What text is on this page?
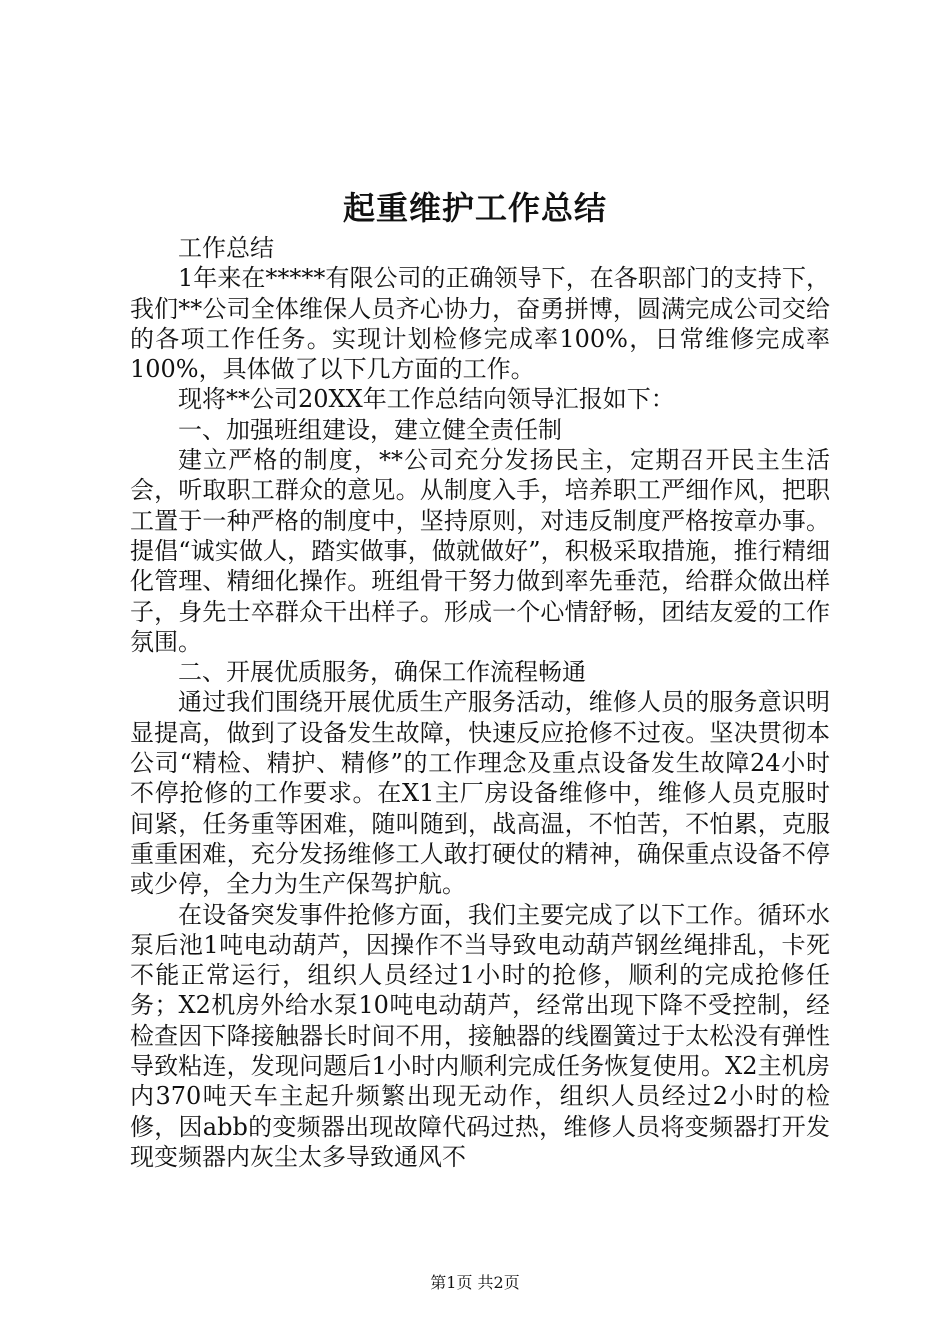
起重维护工作总结

工作总结

1年来在*****有限公司的正确领导下，在各职部门的支持下，我们**公司全体维保人员齐心协力，奋勇拼博，圆满完成公司交给的各项工作任务。实现计划检修完成率100%，日常维修完成率100%，具体做了以下几方面的工作。

现将**公司20XX年工作总结向领导汇报如下：

一、加强班组建设，建立健全责任制

建立严格的制度，**公司充分发扬民主，定期召开民主生活会，听取职工群众的意见。从制度入手，培养职工严细作风，把职工置于一种严格的制度中，坚持原则，对违反制度严格按章办事。提倡“诚实做人，踏实做事，做就做好”，积极采取措施，推行精细化管理、精细化操作。班组骨干努力做到率先垂范，给群众做出样子，身先士卒群众干出样子。形成一个心情舒畅，团结友爱的工作氛围。

二、开展优质服务，确保工作流程畅通

通过我们围绕开展优质生产服务活动，维修人员的服务意识明显提高，做到了设备发生故障，快速反应抢修不过夜。坚决贯彻本公司“精检、精护、精修”的工作理念及重点设备发生故障24小时不停抢修的工作要求。在X1主厂房设备维修中，维修人员克服时间紧，任务重等困难，随叫随到，战高温，不怕苦，不怕累，克服重重困难，充分发扬维修工人敢打硬仗的精神，确保重点设备不停或少停，全力为生产保驾护航。

在设备突发事件抢修方面，我们主要完成了以下工作。循环水泵后池1吨电动葫芦，因操作不当导致电动葫芦钢丝绳排乱，卡死不能正常运行，组织人员经过1小时的抢修，顺利的完成抢修任务；X2机房外给水泵10吨电动葫芦，经常出现下降不受控制，经检查因下降接触器长时间不用，接触器的线圈簧过于太松没有弹性导致粘连，发现问题后1小时内顺利完成任务恢复使用。X2主机房内370吨天车主起升频繁出现无动作，组织人员经过2小时的检修，因abb的变频器出现故障代码过热，维修人员将变频器打开发现变频器内灰尘太多导致通风不

第1页 共2页
